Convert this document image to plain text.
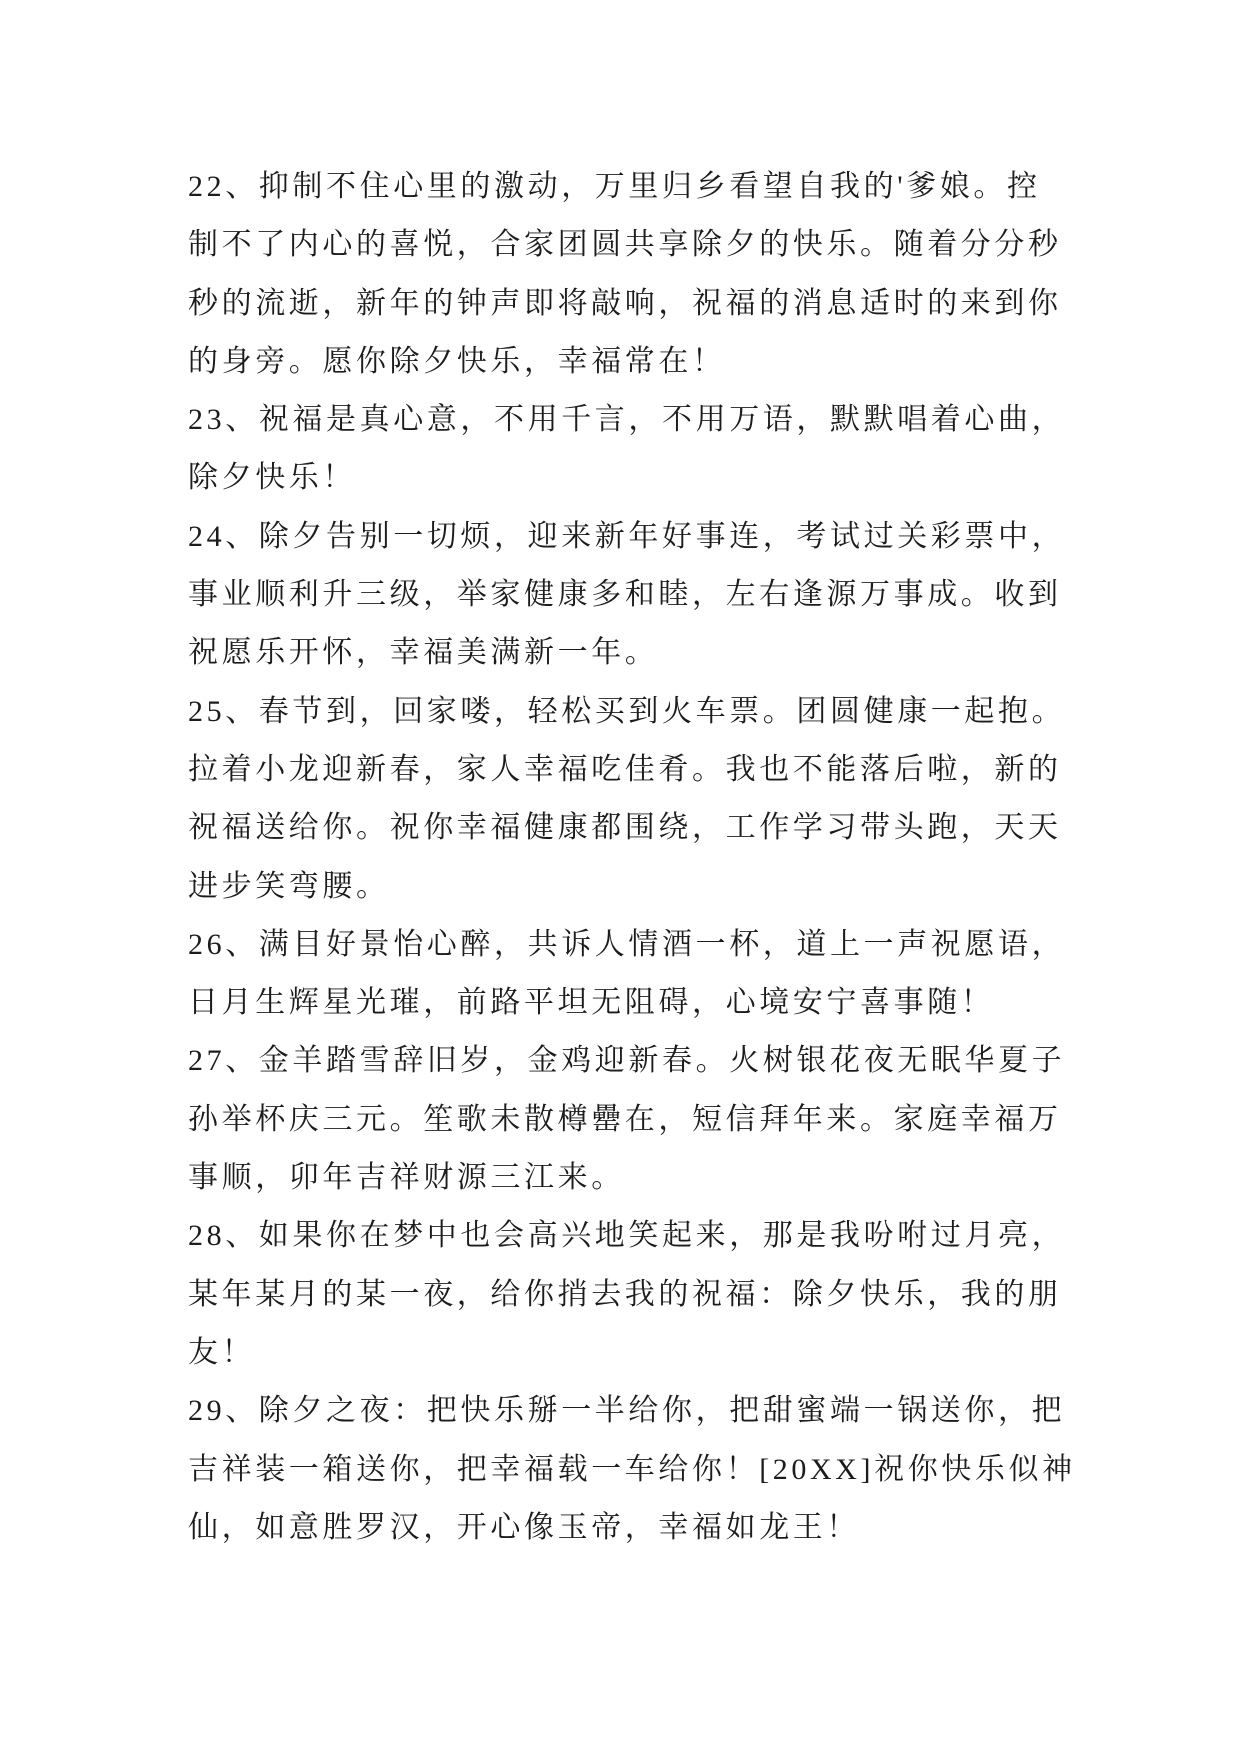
22、抑制不住心里的激动，万里归乡看望自我的'爹娘。控
制不了内心的喜悦，合家团圆共享除夕的快乐。随着分分秒
秒的流逝，新年的钟声即将敲响，祝福的消息适时的来到你
的身旁。愿你除夕快乐，幸福常在！
23、祝福是真心意，不用千言，不用万语，默默唱着心曲，
除夕快乐！
24、除夕告别一切烦，迎来新年好事连，考试过关彩票中，
事业顺利升三级，举家健康多和睦，左右逢源万事成。收到
祝愿乐开怀，幸福美满新一年。
25、春节到，回家喽，轻松买到火车票。团圆健康一起抱。
拉着小龙迎新春，家人幸福吃佳肴。我也不能落后啦，新的
祝福送给你。祝你幸福健康都围绕，工作学习带头跑，天天
进步笑弯腰。
26、满目好景怡心醉，共诉人情酒一杯，道上一声祝愿语，
日月生辉星光璀，前路平坦无阻碍，心境安宁喜事随！
27、金羊踏雪辞旧岁，金鸡迎新春。火树银花夜无眠华夏子
孙举杯庆三元。笙歌未散樽罍在，短信拜年来。家庭幸福万
事顺，卯年吉祥财源三江来。
28、如果你在梦中也会高兴地笑起来，那是我吩咐过月亮，
某年某月的某一夜，给你捎去我的祝福：除夕快乐，我的朋
友！
29、除夕之夜：把快乐掰一半给你，把甜蜜端一锅送你，把
吉祥装一箱送你，把幸福载一车给你！[20XX]祝你快乐似神
仙，如意胜罗汉，开心像玉帝，幸福如龙王！
